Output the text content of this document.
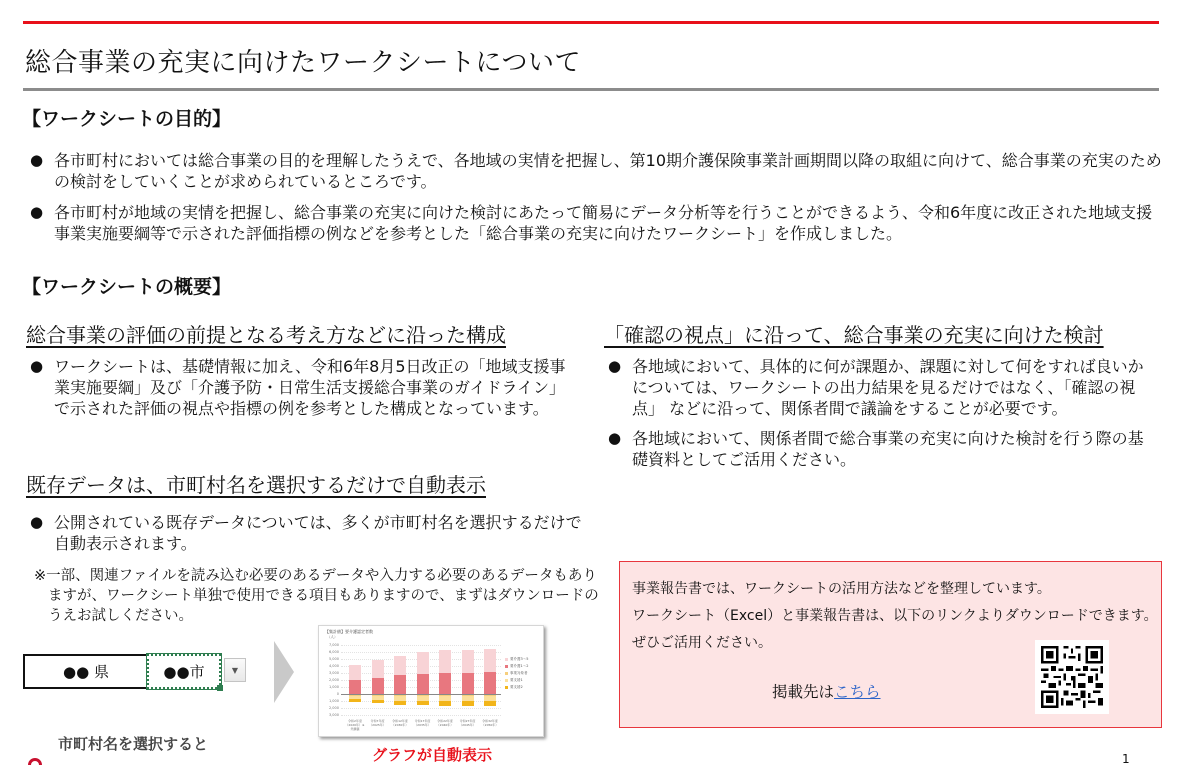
総合事業の充実に向けたワークシートについて
【ワークシートの目的】
● 各市町村においては総合事業の目的を理解したうえで、各地域の実情を把握し、第10期介護保険事業計画期間以降の取組に向けて、総合事業の充実のための検討をしていくことが求められているところです。
● 各市町村が地域の実情を把握し、総合事業の充実に向けた検討にあたって簡易にデータ分析等を行うことができるよう、令和6年度に改正された地域支援事業実施要綱等で示された評価指標の例などを参考とした「総合事業の充実に向けたワークシート」を作成しました。
【ワークシートの概要】
総合事業の評価の前提となる考え方などに沿った構成
● ワークシートは、基礎情報に加え、令和6年8月5日改正の「地域支援事業実施要綱」及び「介護予防・日常生活支援総合事業のガイドライン」で示された評価の視点や指標の例を参考とした構成となっています。
既存データは、市町村名を選択するだけで自動表示
● 公開されている既存データについては、多くが市町村名を選択するだけで自動表示されます。
※一部、関連ファイルを読み込む必要のあるデータや入力する必要のあるデータもありますが、ワークシート単独で使用できる項目もありますので、まずはダウンロードのうえお試しください。
●● 県	●●市	▼
市町村名を選択すると
【集計値】要介護認定者数
（人）
7,000
6,000
5,000
4,000
3,000
2,000
1,000
0
1,000
2,000
3,000
令和2年度（2020年）※実績値
令和7年度（2025年）
令和12年度（2030年）
令和17年度（2035年）
令和22年度（2040年）
令和27年度（2045年）
令和32年度（2050年）
要介護3～5
要介護1～2
事業対象者
要支援1
要支援2
グラフが自動表示
「確認の視点」に沿って、総合事業の充実に向けた検討
● 各地域において、具体的に何が課題か、課題に対して何をすれば良いかについては、ワークシートの出力結果を見るだけではなく、「確認の視点」 などに沿って、関係者間で議論をすることが必要です。
● 各地域において、関係者間で総合事業の充実に向けた検討を行う際の基礎資料としてご活用ください。
事業報告書では、ワークシートの活用方法などを整理しています。
ワークシート（Excel）と事業報告書は、以下のリンクよりダウンロードできます。
ぜひご活用ください。
掲載先はこちら
1
